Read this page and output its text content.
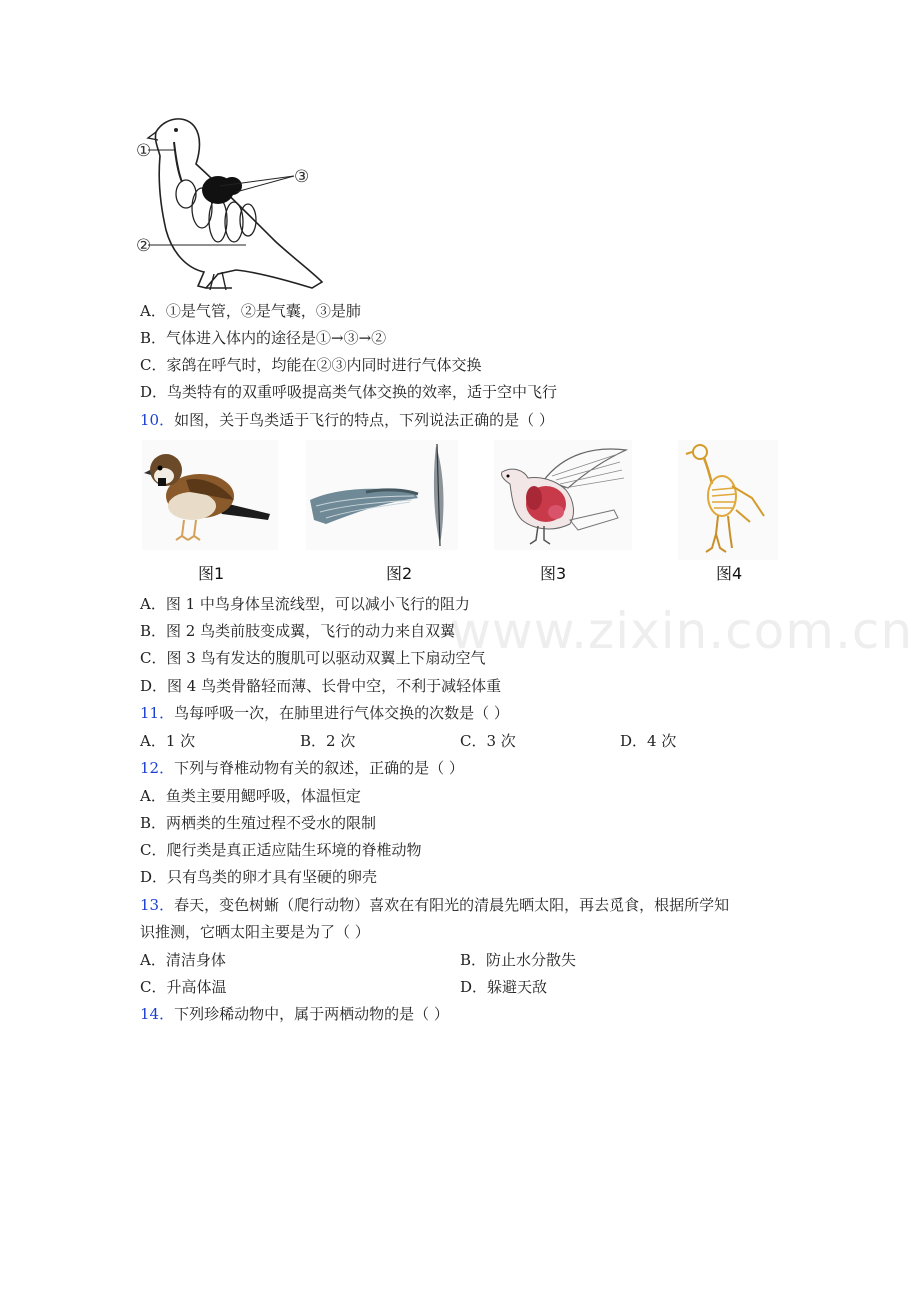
①
②
③
A．①是气管，②是气囊，③是肺
B．气体进入体内的途径是①→③→②
C．家鸽在呼气时，均能在②③内同时进行气体交换
D．鸟类特有的双重呼吸提高类气体交换的效率，适于空中飞行
10．如图，关于鸟类适于飞行的特点，下列说法正确的是（ ）
图1	图2	图3	图4
A．图 1 中鸟身体呈流线型，可以减小飞行的阻力
B．图 2 鸟类前肢变成翼，飞行的动力来自双翼
C．图 3 鸟有发达的腹肌可以驱动双翼上下扇动空气
D．图 4 鸟类骨骼轻而薄、长骨中空，不利于减轻体重
11．鸟每呼吸一次，在肺里进行气体交换的次数是（ ）
A．1 次	B．2 次	C．3 次	D．4 次
12．下列与脊椎动物有关的叙述，正确的是（ ）
A．鱼类主要用鳃呼吸，体温恒定
B．两栖类的生殖过程不受水的限制
C．爬行类是真正适应陆生环境的脊椎动物
D．只有鸟类的卵才具有坚硬的卵壳
13．春天，变色树蜥（爬行动物）喜欢在有阳光的清晨先晒太阳，再去觅食，根据所学知
识推测，它晒太阳主要是为了（ ）
A．清洁身体	B．防止水分散失
C．升高体温	D．躲避天敌
14．下列珍稀动物中，属于两栖动物的是（ ）
www.zixin.com.cn
